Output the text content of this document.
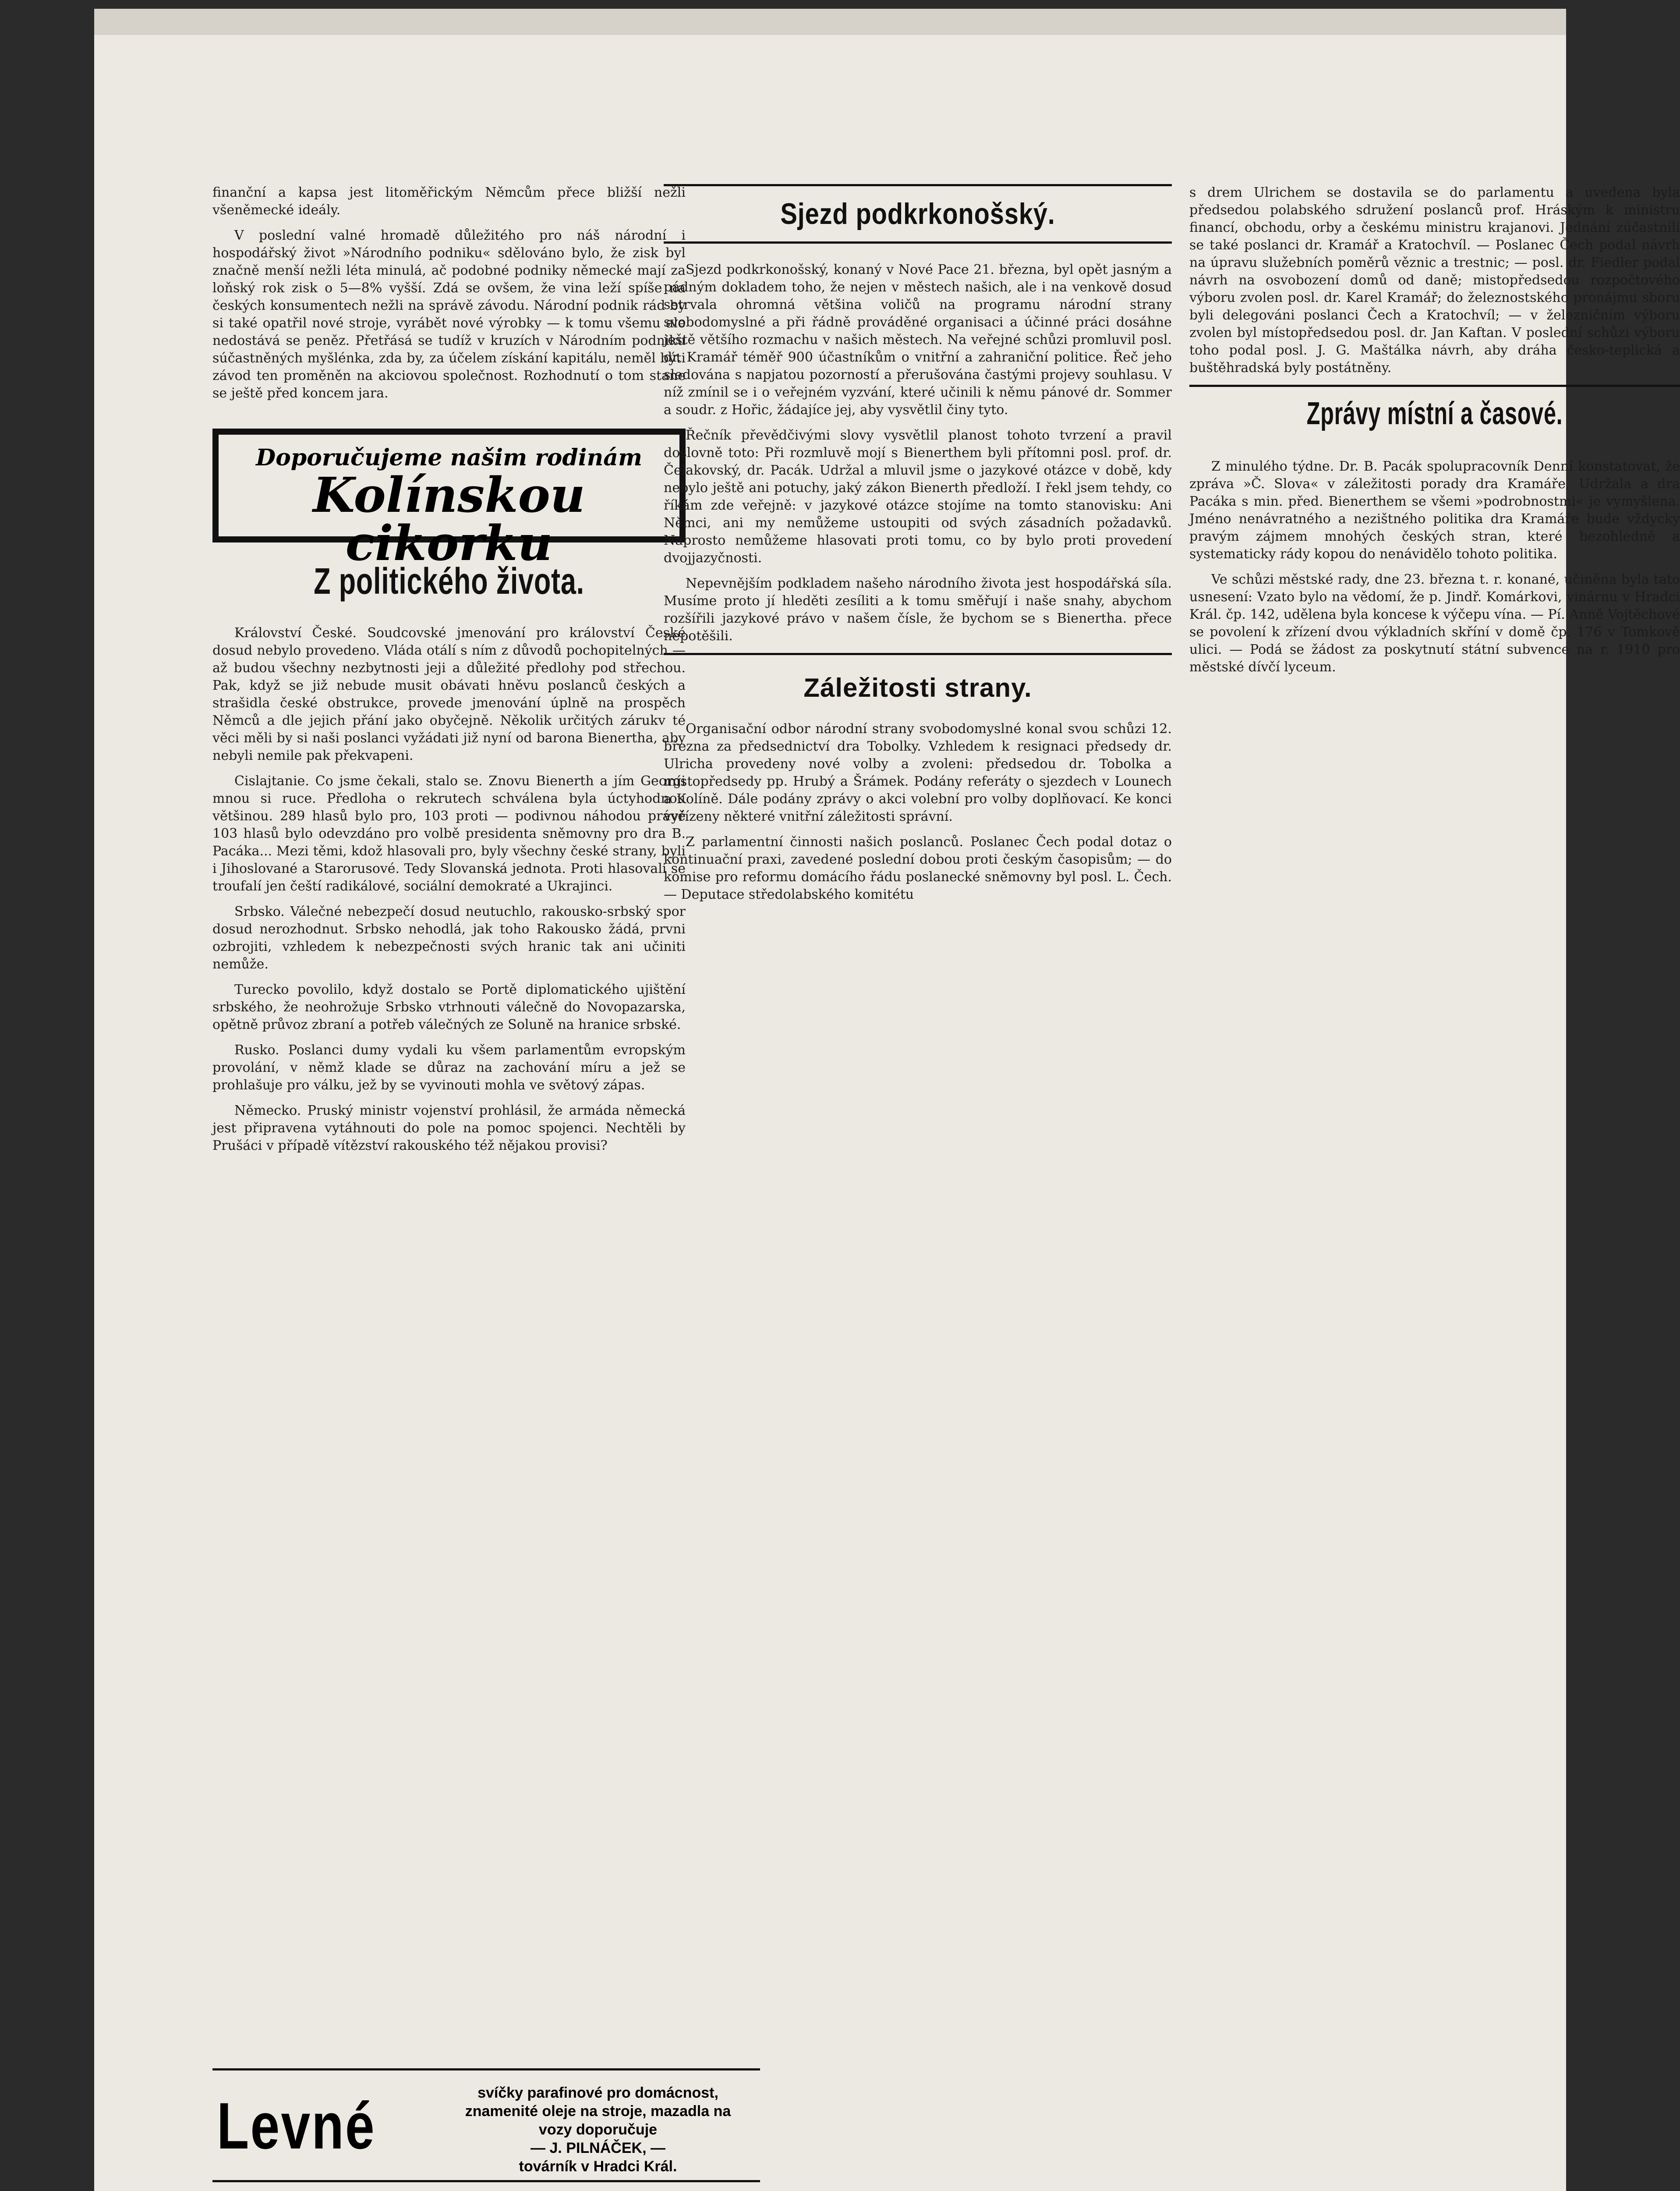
finanční a kapsa jest litoměřickým Němcům přece bližší nežli všeněmecké ideály.

V poslední valné hromadě důležitého pro náš národní i hospodářský život »Národního podniku« sdělováno bylo, že zisk byl značně menší nežli léta minulá, ač podobné podniky německé mají za loňský rok zisk o 5—8% vyšší. Zdá se ovšem, že vina leží spíše na českých konsumentech nežli na správě závodu. Národní podnik rád by si také opatřil nové stroje, vyrábět nové výrobky — k tomu všemu ale nedostává se peněz. Přetřásá se tudíž v kruzích v Národním podniku súčastněných myšlénka, zda by, za účelem získání kapitálu, neměl býti závod ten proměněn na akciovou společnost. Rozhodnutí o tom stane se ještě před koncem jara.

Doporučujeme našim rodinám
Kolínskou cikorku
Z politického života.

Království České. Soudcovské jmenování pro království České dosud nebylo provedeno. Vláda otálí s ním z důvodů pochopitelných — až budou všechny nezbytnosti jeji a důležité předlohy pod střechou. Pak, když se již nebude musit obávati hněvu poslanců českých a strašidla české obstrukce, provede jmenování úplně na prospěch Němců a dle jejich přání jako obyčejně. Několik určitých zárukv té věci měli by si naši poslanci vyžádati již nyní od barona Bienertha, aby nebyli nemile pak překvapeni.

Cislajtanie. Co jsme čekali, stalo se. Znovu Bienerth a jím Georgi mnou si ruce. Předloha o rekrutech schválena byla úctyhodnou většinou. 289 hlasů bylo pro, 103 proti — podivnou náhodou právě 103 hlasů bylo odevzdáno pro volbě presidenta sněmovny pro dra B. Pacáka... Mezi těmi, kdož hlasovali pro, byly všechny české strany, byli i Jihoslované a Starorusové. Tedy Slovanská jednota. Proti hlasovali se troufalí jen čeští radikálové, sociální demokraté a Ukrajinci.

Srbsko. Válečné nebezpečí dosud neutuchlo, rakousko-srbský spor dosud nerozhodnut. Srbsko nehodlá, jak toho Rakousko žádá, prvni ozbrojiti, vzhledem k nebezpečnosti svých hranic tak ani učiniti nemůže.

Turecko povolilo, když dostalo se Portě diplomatického ujištění srbského, že neohrožuje Srbsko vtrhnouti válečně do Novopazarska, opětně průvoz zbraní a potřeb válečných ze Soluně na hranice srbské.

Rusko. Poslanci dumy vydali ku všem parlamentům evropským provolání, v němž klade se důraz na zachování míru a jež se prohlašuje pro válku, jež by se vyvinouti mohla ve světový zápas.

Německo. Pruský ministr vojenství prohlásil, že armáda německá jest připravena vytáhnouti do pole na pomoc spojenci. Nechtěli by Prušáci v případě vítězství rakouského též nějakou provisi?

Sjezd podkrkonošský.

Sjezd podkrkonošský, konaný v Nové Pace 21. března, byl opět jasným a pádným dokladem toho, že nejen v městech našich, ale i na venkově dosud setrvala ohromná většina voličů na programu národní strany svobodomyslné a při řádně prováděné organisaci a účinné práci dosáhne ještě většího rozmachu v našich městech. Na veřejné schůzi promluvil posl. dr. Kramář téměř 900 účastníkům o vnitřní a zahraniční politice. Řeč jeho sledována s napjatou pozorností a přerušována častými projevy souhlasu. V níž zmínil se i o veřejném vyzvání, které učinili k němu pánové dr. Sommer a soudr. z Hořic, žádajíce jej, aby vysvětlil činy tyto.

Řečník převědčivými slovy vysvětlil planost tohoto tvrzení a pravil doslovně toto: Při rozmluvě mojí s Bienerthem byli přítomni posl. prof. dr. Čelakovský, dr. Pacák. Udržal a mluvil jsme o jazykové otázce v době, kdy nebylo ještě ani potuchy, jaký zákon Bienerth předloží. I řekl jsem tehdy, co říkám zde veřejně: v jazykové otázce stojíme na tomto stanovisku: Ani Němci, ani my nemůžeme ustoupiti od svých zásadních požadavků. Naprosto nemůžeme hlasovati proti tomu, co by bylo proti provedení dvojjazyčnosti.

Nepevnějším podkladem našeho národního života jest hospodářská síla. Musíme proto jí hleděti zesíliti a k tomu směřují i naše snahy, abychom rozšířili jazykové právo v našem čísle, že bychom se s Bienertha. přece nepotěšili.

Záležitosti strany.

Organisační odbor národní strany svobodomyslné konal svou schůzi 12. března za předsednictví dra Tobolky. Vzhledem k resignaci předsedy dr. Ulricha provedeny nové volby a zvoleni: předsedou dr. Tobolka a místopředsedy pp. Hrubý a Šrámek. Podány referáty o sjezdech v Lounech a Kolíně. Dále podány zprávy o akci volební pro volby doplňovací. Ke konci vyřízeny některé vnitřní záležitosti správní.

Z parlamentní činnosti našich poslanců. Poslanec Čech podal dotaz o kontinuační praxi, zavedené poslední dobou proti českým časopisům; — do komise pro reformu domácího řádu poslanecké sněmovny byl posl. L. Čech. — Deputace středolabského komitétu

s drem Ulrichem se dostavila se do parlamentu a uvedena byla předsedou polabského sdružení poslanců prof. Hráským k ministru financí, obchodu, orby a českému ministru krajanovi. Jednání zúčastnili se také poslanci dr. Kramář a Kratochvíl. — Poslanec Čech podal návrh na úpravu služebních poměrů věznic a trestnic; — posl. dr. Fiedler podal návrh na osvobození domů od daně; mistopředsedou rozpočtového výboru zvolen posl. dr. Karel Kramář; do železnostského pronájmu sboru byli delegováni poslanci Čech a Kratochvíl; — v železničním výboru zvolen byl místopředsedou posl. dr. Jan Kaftan. V poslední schůzi výboru toho podal posl. J. G. Maštálka návrh, aby dráha česko-teplická a buštěhradská byly postátněny.

Zprávy místní a časové.

Z minulého týdne. Dr. B. Pacák spolupracovník Denní konstatovat, že zpráva »Č. Slova« v záležitosti porady dra Kramáře, Udržala a dra Pacáka s min. před. Bienerthem se všemi »podrobnostmi« je vymyšlena. Jméno nenávratného a nezištného politika dra Kramáře bude vždycky pravým zájmem mnohých českých stran, které bezohledně a systematicky rády kopou do nenávidělo tohoto politika.

Ve schůzi městské rady, dne 23. března t. r. konané, učiněna byla tato usnesení: Vzato bylo na vědomí, že p. Jindř. Komárkovi, vinárnu v Hradci Král. čp. 142, udělena byla koncese k výčepu vína. — Pí. Anně Vojtěchové se povolení k zřízení dvou výkladních skříní v domě čp. 176 v Tomkově ulici. — Podá se žádost za poskytnutí státní subvence na r. 1910 pro městské dívčí lyceum.

Levné	svíčky parafinové pro domácnost, znamenité oleje na stroje, mazadla na vozy doporučuje
— J. PILNÁČEK, —
továrník v Hradci Král.
